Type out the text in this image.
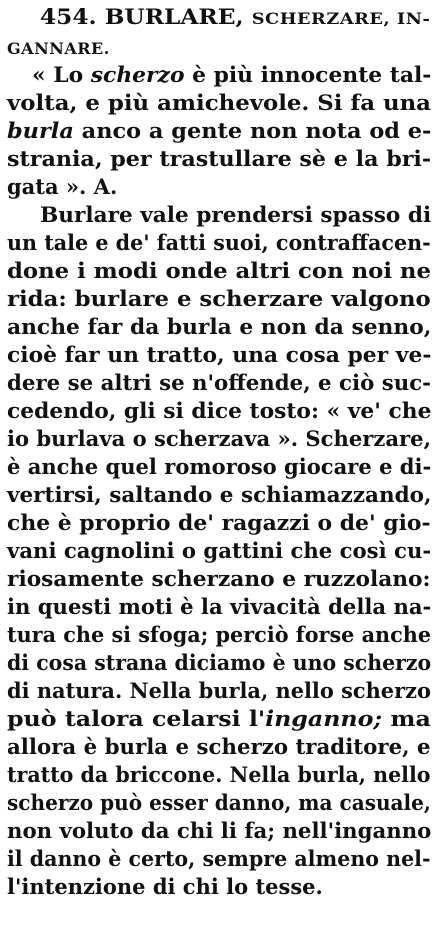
454. BURLARE, SCHERZARE, IN-
GANNARE.
« Lo scherzo è più innocente tal-
volta, e più amichevole. Si fa una
burla anco a gente non nota od e-
strania, per trastullare sè e la bri-
gata ». A.
Burlare vale prendersi spasso di
un tale e de' fatti suoi, contraffacen-
done i modi onde altri con noi ne
rida: burlare e scherzare valgono
anche far da burla e non da senno,
cioè far un tratto, una cosa per ve-
dere se altri se n'offende, e ciò suc-
cedendo, gli si dice tosto: « ve' che
io burlava o scherzava ». Scherzare,
è anche quel romoroso giocare e di-
vertirsi, saltando e schiamazzando,
che è proprio de' ragazzi o de' gio-
vani cagnolini o gattini che così cu-
riosamente scherzano e ruzzolano:
in questi moti è la vivacità della na-
tura che si sfoga; perciò forse anche
di cosa strana diciamo è uno scherzo
di natura. Nella burla, nello scherzo
può talora celarsi l'inganno; ma
allora è burla e scherzo traditore, e
tratto da briccone. Nella burla, nello
scherzo può esser danno, ma casuale,
non voluto da chi li fa; nell'inganno
il danno è certo, sempre almeno nel-
l'intenzione di chi lo tesse.
